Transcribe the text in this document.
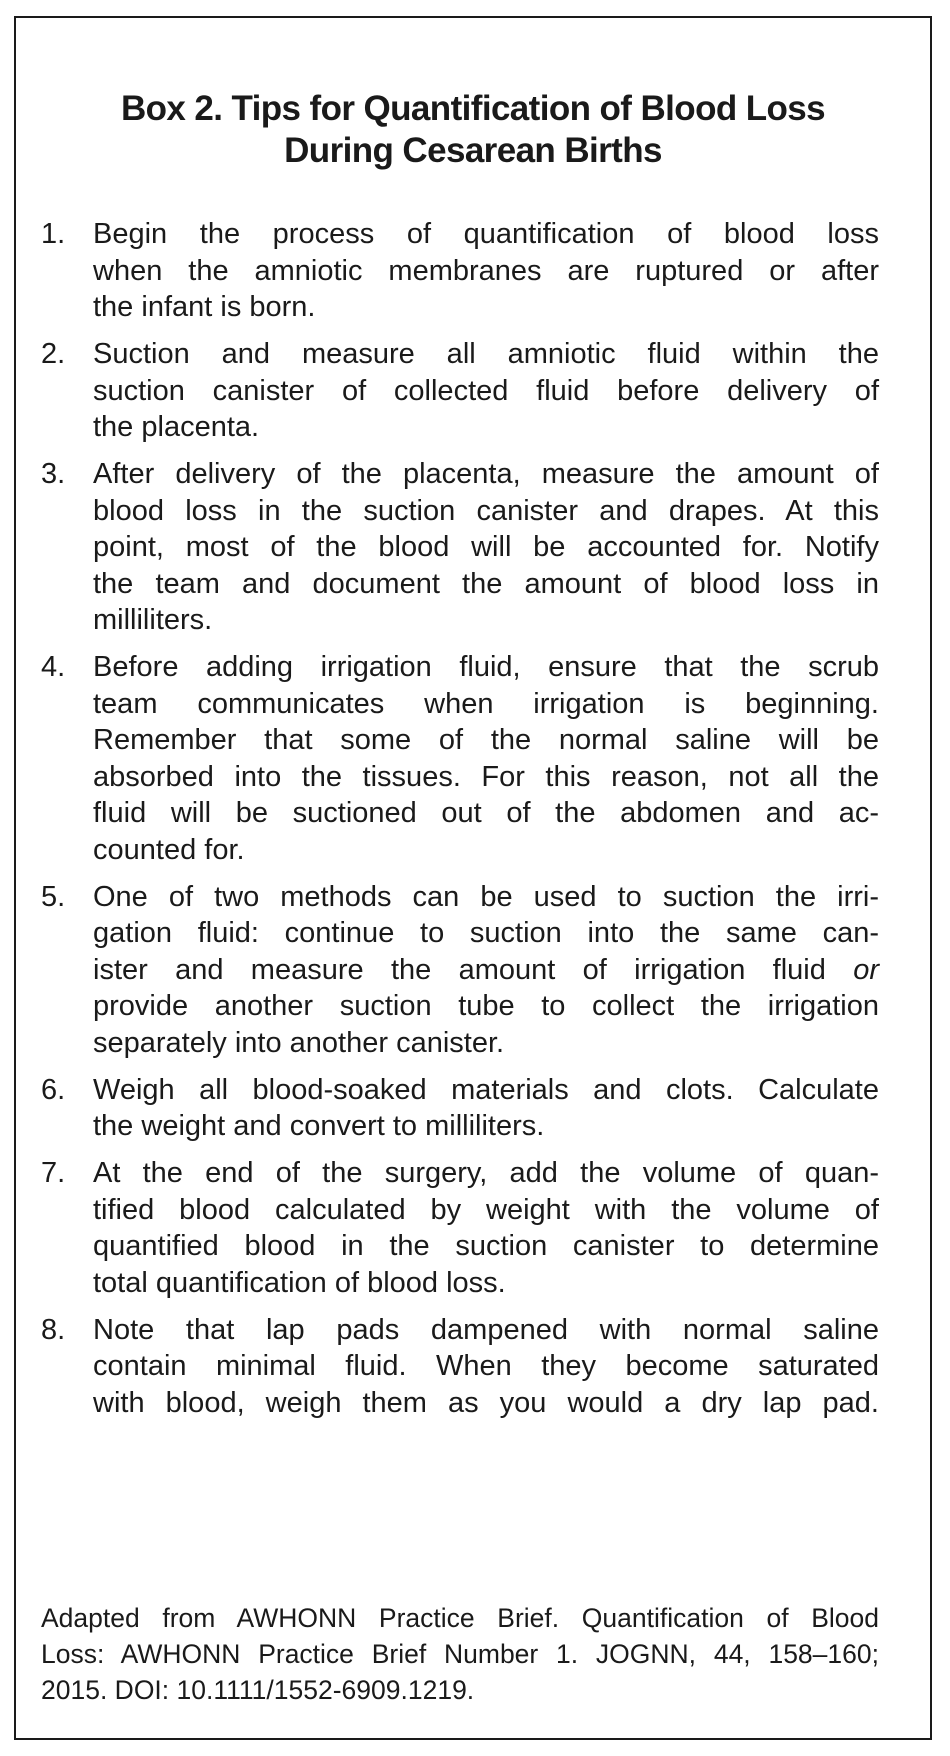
Box 2. Tips for Quantification of Blood Loss
During Cesarean Births
1. Begin the process of quantification of blood loss
when the amniotic membranes are ruptured or after
the infant is born.
2. Suction and measure all amniotic fluid within the
suction canister of collected fluid before delivery of
the placenta.
3. After delivery of the placenta, measure the amount of
blood loss in the suction canister and drapes. At this
point, most of the blood will be accounted for. Notify
the team and document the amount of blood loss in
milliliters.
4. Before adding irrigation fluid, ensure that the scrub
team communicates when irrigation is beginning.
Remember that some of the normal saline will be
absorbed into the tissues. For this reason, not all the
fluid will be suctioned out of the abdomen and ac-
counted for.
5. One of two methods can be used to suction the irri-
gation fluid: continue to suction into the same can-
ister and measure the amount of irrigation fluid or
provide another suction tube to collect the irrigation
separately into another canister.
6. Weigh all blood-soaked materials and clots. Calculate
the weight and convert to milliliters.
7. At the end of the surgery, add the volume of quan-
tified blood calculated by weight with the volume of
quantified blood in the suction canister to determine
total quantification of blood loss.
8. Note that lap pads dampened with normal saline
contain minimal fluid. When they become saturated
with blood, weigh them as you would a dry lap pad.
Adapted from AWHONN Practice Brief. Quantification of Blood
Loss: AWHONN Practice Brief Number 1. JOGNN, 44, 158–160;
2015. DOI: 10.1111/1552-6909.1219.
